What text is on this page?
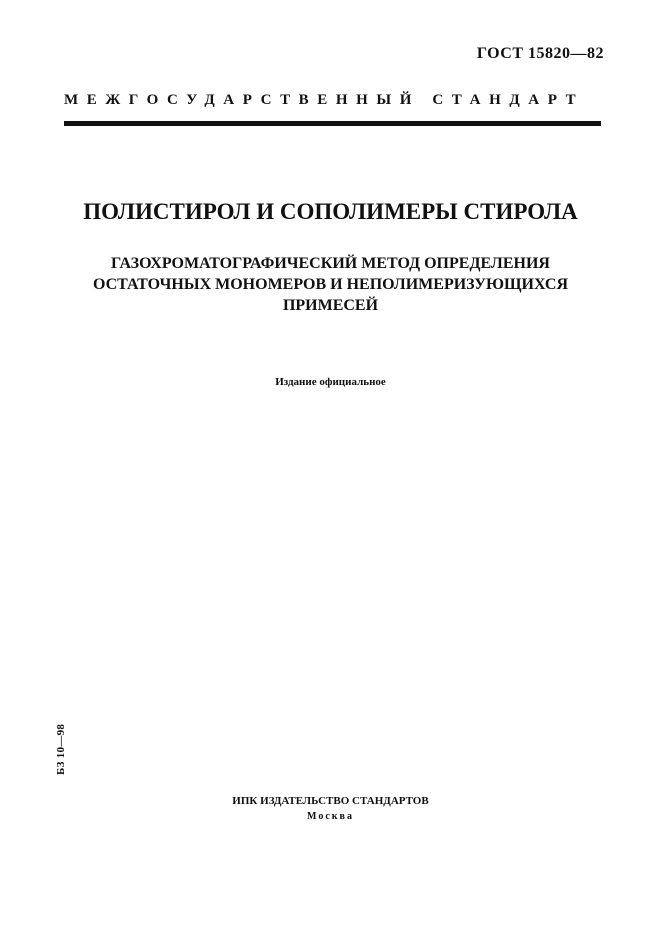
ГОСТ 15820—82
МЕЖГОСУДАРСТВЕННЫЙ СТАНДАРТ
ПОЛИСТИРОЛ И СОПОЛИМЕРЫ СТИРОЛА
ГАЗОХРОМАТОГРАФИЧЕСКИЙ МЕТОД ОПРЕДЕЛЕНИЯ
ОСТАТОЧНЫХ МОНОМЕРОВ И НЕПОЛИМЕРИЗУЮЩИХСЯ
ПРИМЕСЕЙ
Издание официальное
БЗ 10—98
ИПК ИЗДАТЕЛЬСТВО СТАНДАРТОВ
Москва
